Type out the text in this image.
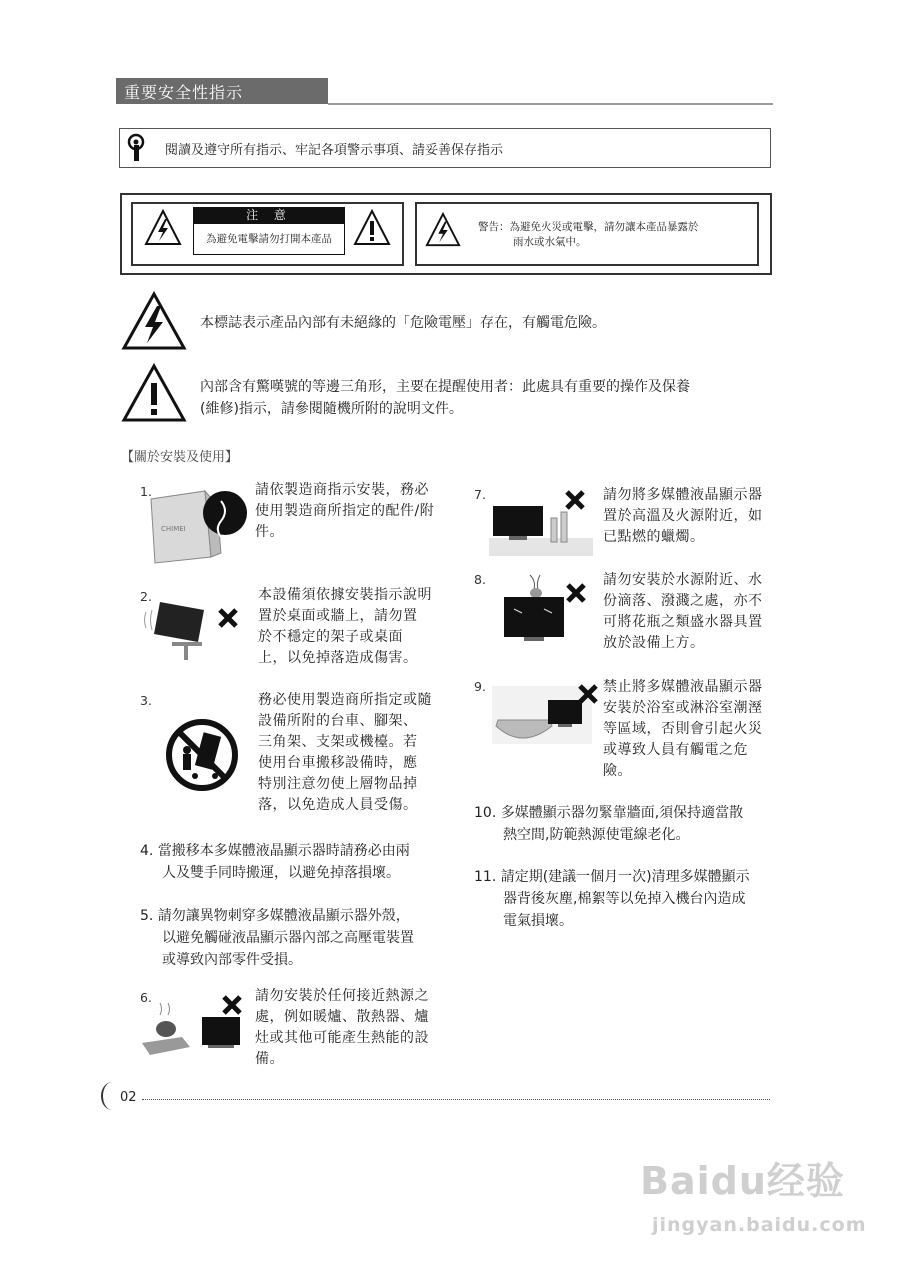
重要安全性指示
閱讀及遵守所有指示、牢記各項警示事項、請妥善保存指示
注 意
為避免電擊請勿打開本產品
警告：為避免火災或電擊，請勿讓本產品暴露於
雨水或水氣中。
本標誌表示產品內部有未絕緣的「危險電壓」存在，有觸電危險。
內部含有驚嘆號的等邊三角形，主要在提醒使用者：此處具有重要的操作及保養
(維修)指示，請參閱隨機所附的說明文件。
【關於安裝及使用】
1.
CHIMEI
請依製造商指示安裝，務必
使用製造商所指定的配件/附
件。
2.	本設備須依據安裝指示說明
置於桌面或牆上，請勿置
於不穩定的架子或桌面
上，以免掉落造成傷害。
3.	務必使用製造商所指定或隨
設備所附的台車、腳架、
三角架、支架或機檯。若
使用台車搬移設備時，應
特別注意勿使上層物品掉
落，以免造成人員受傷。
4. 當搬移本多媒體液晶顯示器時請務必由兩
人及雙手同時搬運，以避免掉落損壞。
5. 請勿讓異物刺穿多媒體液晶顯示器外殼，
以避免觸碰液晶顯示器內部之高壓電裝置
或導致內部零件受損。
6.	請勿安裝於任何接近熱源之
處，例如暖爐、散熱器、爐
灶或其他可能產生熱能的設
備。
7.	請勿將多媒體液晶顯示器
置於高溫及火源附近，如
已點燃的蠟燭。
8.	請勿安裝於水源附近、水
份滴落、潑濺之處，亦不
可將花瓶之類盛水器具置
放於設備上方。
9.	禁止將多媒體液晶顯示器
安裝於浴室或淋浴室潮溼
等區域，否則會引起火災
或導致人員有觸電之危
險。
10. 多媒體顯示器勿緊靠牆面,須保持適當散
熱空間,防範熱源使電線老化。
11. 請定期(建議一個月一次)清理多媒體顯示
器背後灰塵,棉絮等以免掉入機台內造成
電氣損壞。
02
Baidu经验
jingyan.baidu.com
